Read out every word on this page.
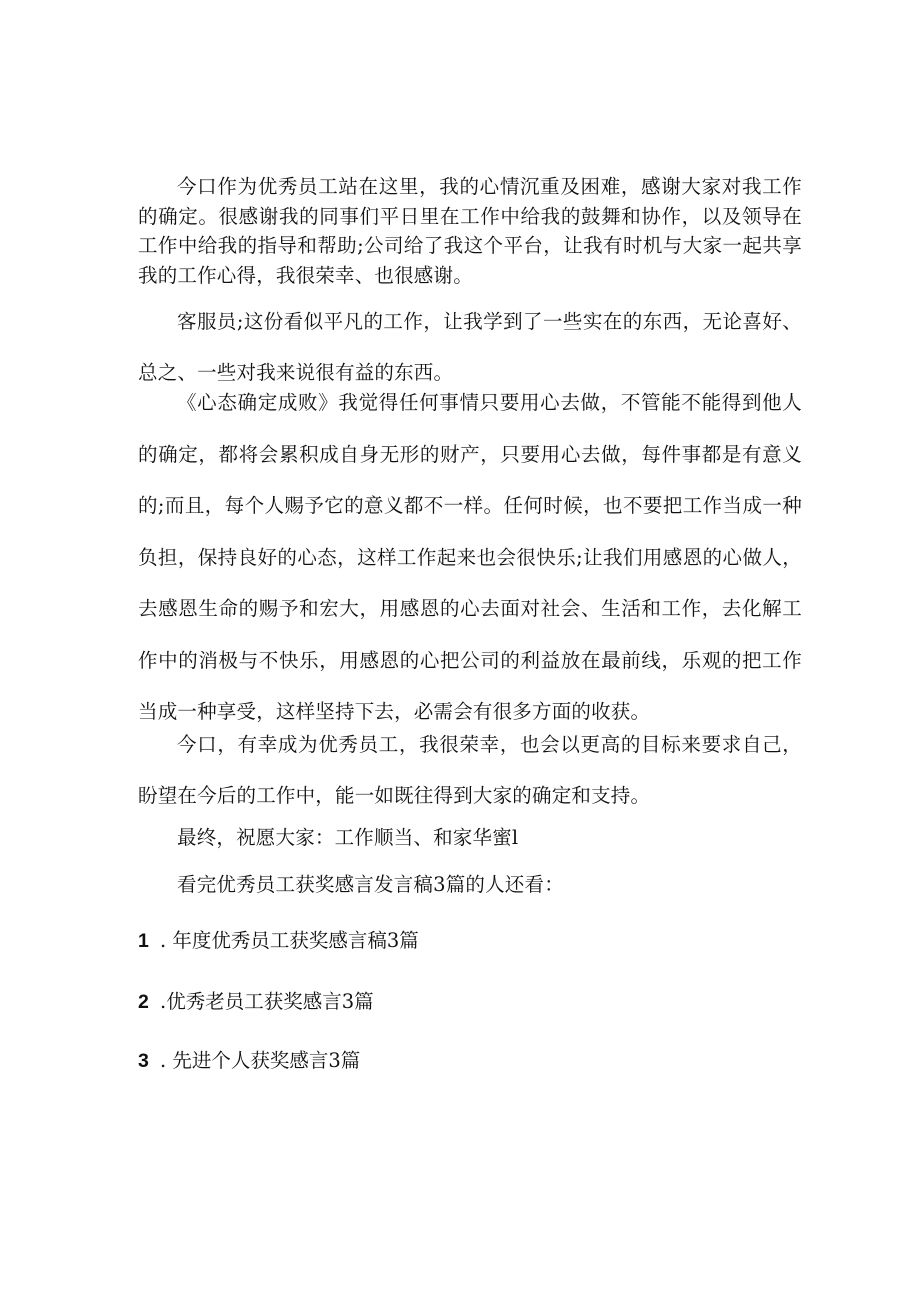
今口作为优秀员工站在这里，我的心情沉重及困难，感谢大家对我工作的确定。很感谢我的同事们平日里在工作中给我的鼓舞和协作，以及领导在工作中给我的指导和帮助;公司给了我这个平台，让我有时机与大家一起共享我的工作心得，我很荣幸、也很感谢。

客服员;这份看似平凡的工作，让我学到了一些实在的东西，无论喜好、总之、一些对我来说很有益的东西。

《心态确定成败》我觉得任何事情只要用心去做，不管能不能得到他人的确定，都将会累积成自身无形的财产，只要用心去做，每件事都是有意义的;而且，每个人赐予它的意义都不一样。任何时候，也不要把工作当成一种负担，保持良好的心态，这样工作起来也会很快乐;让我们用感恩的心做人，去感恩生命的赐予和宏大，用感恩的心去面对社会、生活和工作，去化解工作中的消极与不快乐，用感恩的心把公司的利益放在最前线，乐观的把工作当成一种享受，这样坚持下去，必需会有很多方面的收获。

今口，有幸成为优秀员工，我很荣幸，也会以更高的目标来要求自己，盼望在今后的工作中，能一如既往得到大家的确定和支持。

最终，祝愿大家：工作顺当、和家华蜜l

看完优秀员工获奖感言发言稿3篇的人还看：

1 . 年度优秀员工获奖感言稿3篇
2 .优秀老员工获奖感言3篇
3 . 先进个人获奖感言3篇
